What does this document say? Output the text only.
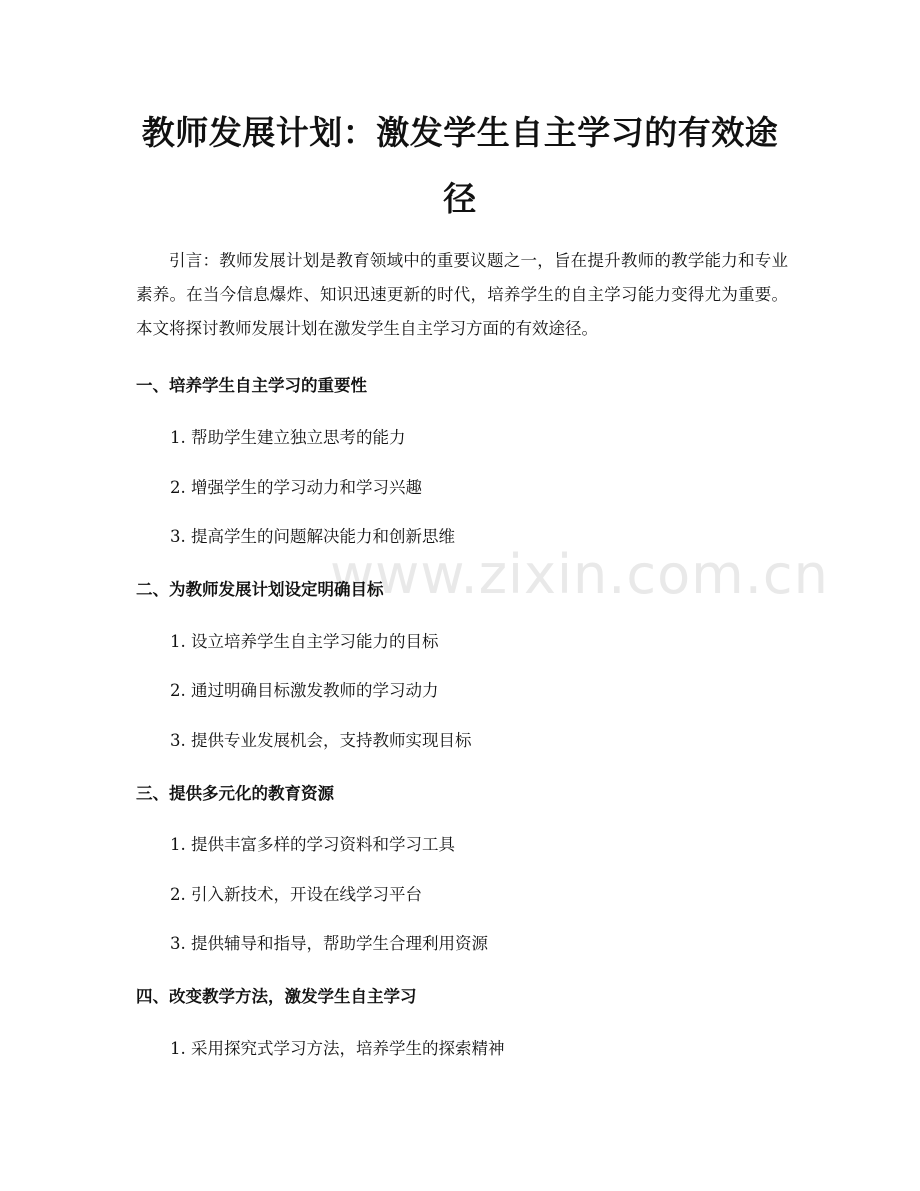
www.zixin.com.cn
教师发展计划：激发学生自主学习的有效途
径

引言：教师发展计划是教育领域中的重要议题之一，旨在提升教师的教学能力和专业素养。在当今信息爆炸、知识迅速更新的时代，培养学生的自主学习能力变得尤为重要。本文将探讨教师发展计划在激发学生自主学习方面的有效途径。

一、培养学生自主学习的重要性

1. 帮助学生建立独立思考的能力

2. 增强学生的学习动力和学习兴趣

3. 提高学生的问题解决能力和创新思维

二、为教师发展计划设定明确目标

1. 设立培养学生自主学习能力的目标

2. 通过明确目标激发教师的学习动力

3. 提供专业发展机会，支持教师实现目标

三、提供多元化的教育资源

1. 提供丰富多样的学习资料和学习工具

2. 引入新技术，开设在线学习平台

3. 提供辅导和指导，帮助学生合理利用资源

四、改变教学方法，激发学生自主学习

1. 采用探究式学习方法，培养学生的探索精神
